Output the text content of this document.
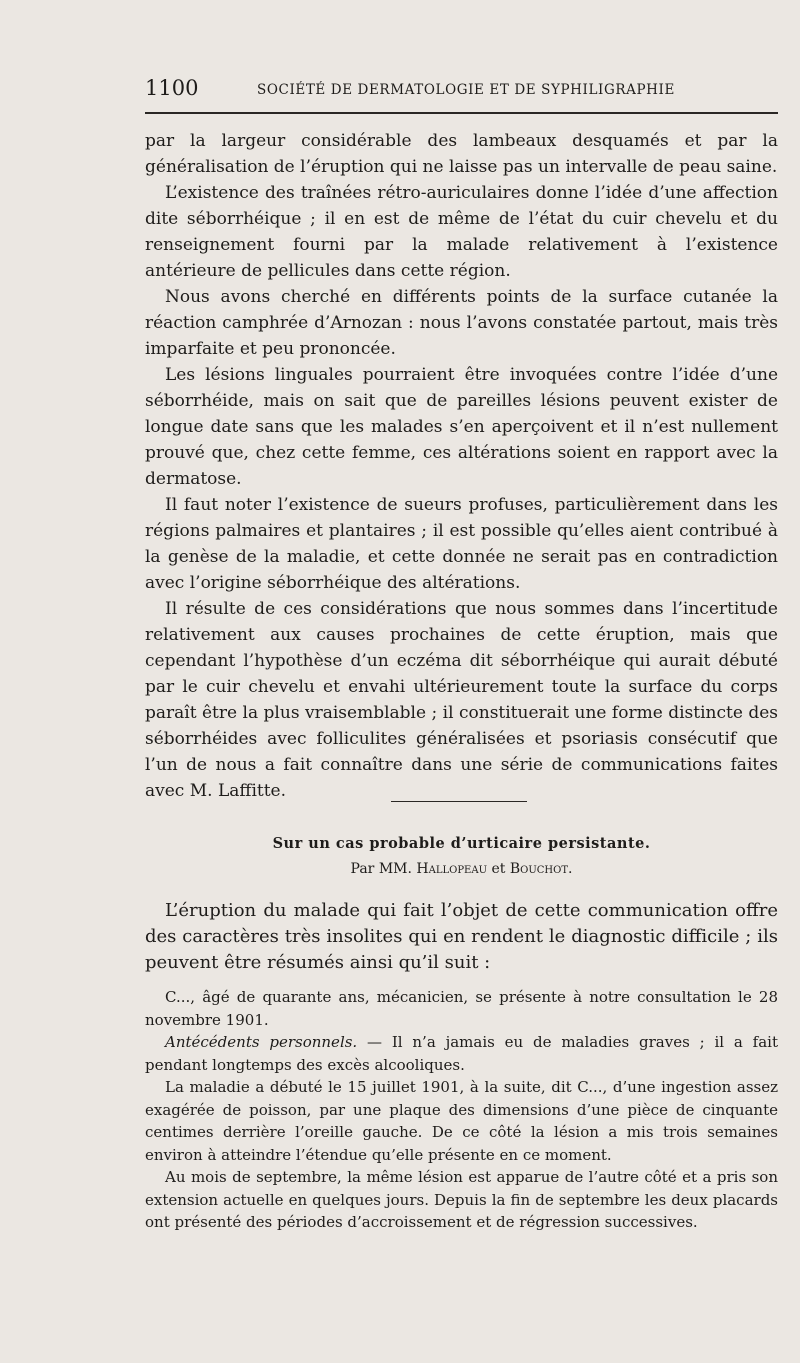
1100	SOCIÉTÉ DE DERMATOLOGIE ET DE SYPHILIGRAPHIE

par la largeur considérable des lambeaux desquamés et par la généralisation de l’éruption qui ne laisse pas un intervalle de peau saine.

L’existence des traînées rétro-auriculaires donne l’idée d’une affection dite séborrhéique ; il en est de même de l’état du cuir chevelu et du renseignement fourni par la malade relativement à l’existence antérieure de pellicules dans cette région.

Nous avons cherché en différents points de la surface cutanée la réaction camphrée d’Arnozan : nous l’avons constatée partout, mais très imparfaite et peu prononcée.

Les lésions linguales pourraient être invoquées contre l’idée d’une séborrhéide, mais on sait que de pareilles lésions peuvent exister de longue date sans que les malades s’en aperçoivent et il n’est nullement prouvé que, chez cette femme, ces altérations soient en rapport avec la dermatose.

Il faut noter l’existence de sueurs profuses, particulièrement dans les régions palmaires et plantaires ; il est possible qu’elles aient contribué à la genèse de la maladie, et cette donnée ne serait pas en contradiction avec l’origine séborrhéique des altérations.

Il résulte de ces considérations que nous sommes dans l’incertitude relativement aux causes prochaines de cette éruption, mais que cependant l’hypothèse d’un eczéma dit séborrhéique qui aurait débuté par le cuir chevelu et envahi ultérieurement toute la surface du corps paraît être la plus vraisemblable ; il constituerait une forme distincte des séborrhéides avec folliculites généralisées et psoriasis consécutif que l’un de nous a fait connaître dans une série de communications faites avec M. Laffitte.

Sur un cas probable d’urticaire persistante.
Par MM. Hallopeau et Bouchot.

L’éruption du malade qui fait l’objet de cette communication offre des caractères très insolites qui en rendent le diagnostic difficile ; ils peuvent être résumés ainsi qu’il suit :

C..., âgé de quarante ans, mécanicien, se présente à notre consultation le 28 novembre 1901.

Antécédents personnels. — Il n’a jamais eu de maladies graves ; il a fait pendant longtemps des excès alcooliques.

La maladie a débuté le 15 juillet 1901, à la suite, dit C..., d’une ingestion assez exagérée de poisson, par une plaque des dimensions d’une pièce de cinquante centimes derrière l’oreille gauche. De ce côté la lésion a mis trois semaines environ à atteindre l’étendue qu’elle présente en ce moment.

Au mois de septembre, la même lésion est apparue de l’autre côté et a pris son extension actuelle en quelques jours. Depuis la fin de septembre les deux placards ont présenté des périodes d’accroissement et de régression successives.
